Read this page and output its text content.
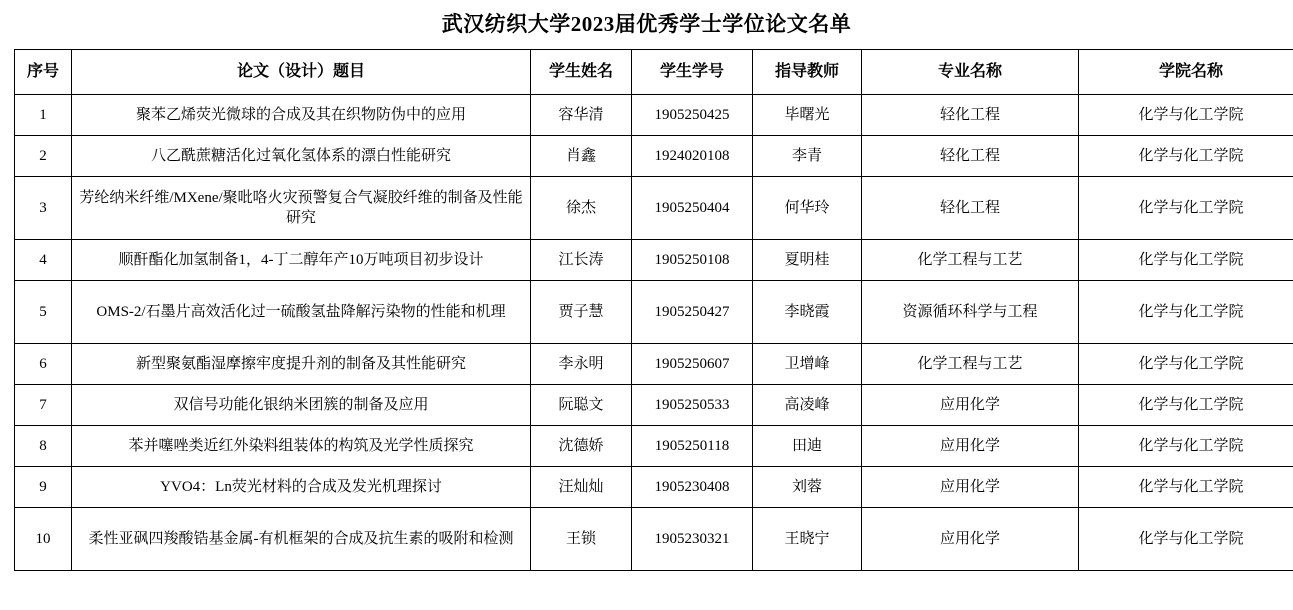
武汉纺织大学2023届优秀学士学位论文名单
序号	论文（设计）题目	学生姓名	学生学号	指导教师	专业名称	学院名称
1	聚苯乙烯荧光微球的合成及其在织物防伪中的应用	容华清	1905250425	毕曙光	轻化工程	化学与化工学院
2	八乙酰蔗糖活化过氧化氢体系的漂白性能研究	肖鑫	1924020108	李青	轻化工程	化学与化工学院
3	芳纶纳米纤维/MXene/聚吡咯火灾预警复合气凝胶纤维的制备及性能研究	徐杰	1905250404	何华玲	轻化工程	化学与化工学院
4	顺酐酯化加氢制备1，4-丁二醇年产10万吨项目初步设计	江长涛	1905250108	夏明桂	化学工程与工艺	化学与化工学院
5	OMS-2/石墨片高效活化过一硫酸氢盐降解污染物的性能和机理	贾子慧	1905250427	李晓霞	资源循环科学与工程	化学与化工学院
6	新型聚氨酯湿摩擦牢度提升剂的制备及其性能研究	李永明	1905250607	卫增峰	化学工程与工艺	化学与化工学院
7	双信号功能化银纳米团簇的制备及应用	阮聪文	1905250533	高凌峰	应用化学	化学与化工学院
8	苯并噻唑类近红外染料组装体的构筑及光学性质探究	沈德娇	1905250118	田迪	应用化学	化学与化工学院
9	YVO4：Ln荧光材料的合成及发光机理探讨	汪灿灿	1905230408	刘蓉	应用化学	化学与化工学院
10	柔性亚砜四羧酸锆基金属-有机框架的合成及抗生素的吸附和检测	王锁	1905230321	王晓宁	应用化学	化学与化工学院
